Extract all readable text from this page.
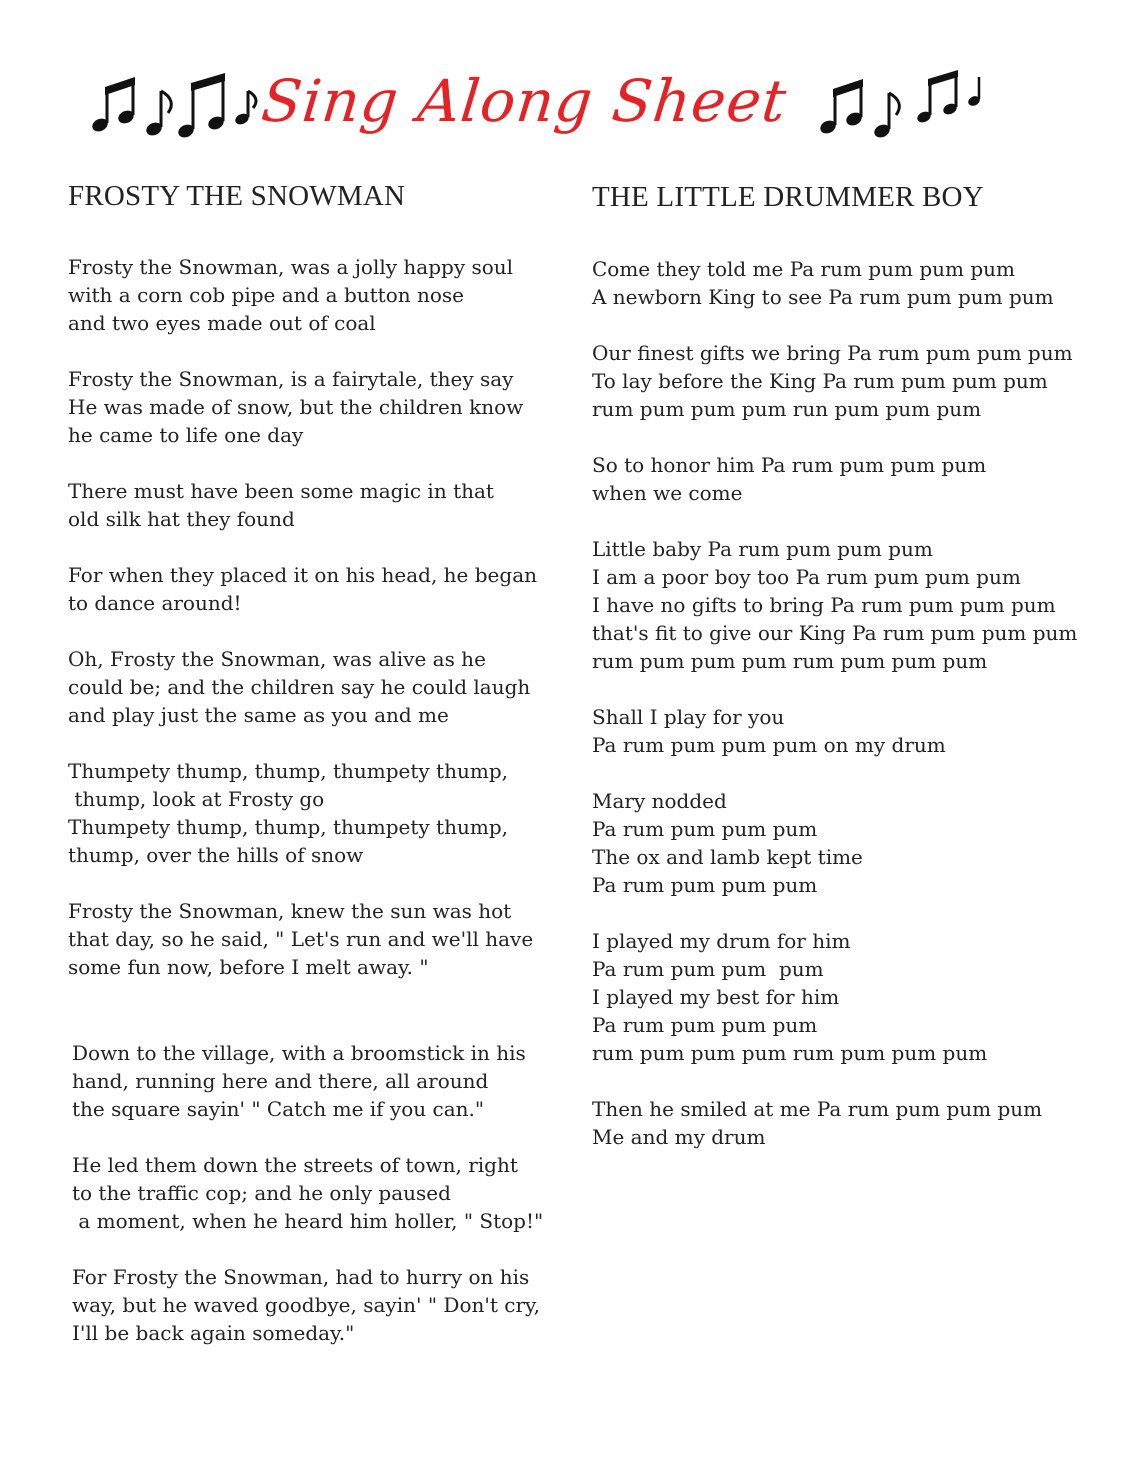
Sing Along Sheet
FROSTY THE SNOWMAN
Frosty the Snowman, was a jolly happy soul
with a corn cob pipe and a button nose
and two eyes made out of coal
Frosty the Snowman, is a fairytale, they say
He was made of snow, but the children know
he came to life one day
There must have been some magic in that
old silk hat they found
For when they placed it on his head, he began
to dance around!
Oh, Frosty the Snowman, was alive as he
could be; and the children say he could laugh
and play just the same as you and me
Thumpety thump, thump, thumpety thump,
thump, look at Frosty go
Thumpety thump, thump, thumpety thump,
thump, over the hills of snow
Frosty the Snowman, knew the sun was hot
that day, so he said, " Let's run and we'll have
some fun now, before I melt away. "
Down to the village, with a broomstick in his
hand, running here and there, all around
the square sayin' " Catch me if you can."
He led them down the streets of town, right
to the traffic cop; and he only paused
a moment, when he heard him holler, " Stop!"
For Frosty the Snowman, had to hurry on his
way, but he waved goodbye, sayin' " Don't cry,
I'll be back again someday."
THE LITTLE DRUMMER BOY
Come they told me Pa rum pum pum pum
A newborn King to see Pa rum pum pum pum
Our finest gifts we bring Pa rum pum pum pum
To lay before the King Pa rum pum pum pum
rum pum pum pum run pum pum pum
So to honor him Pa rum pum pum pum
when we come
Little baby Pa rum pum pum pum
I am a poor boy too Pa rum pum pum pum
I have no gifts to bring Pa rum pum pum pum
that's fit to give our King Pa rum pum pum pum
rum pum pum pum rum pum pum pum
Shall I play for you
Pa rum pum pum pum on my drum
Mary nodded
Pa rum pum pum pum
The ox and lamb kept time
Pa rum pum pum pum
I played my drum for him
Pa rum pum pum  pum
I played my best for him
Pa rum pum pum pum
rum pum pum pum rum pum pum pum
Then he smiled at me Pa rum pum pum pum
Me and my drum
